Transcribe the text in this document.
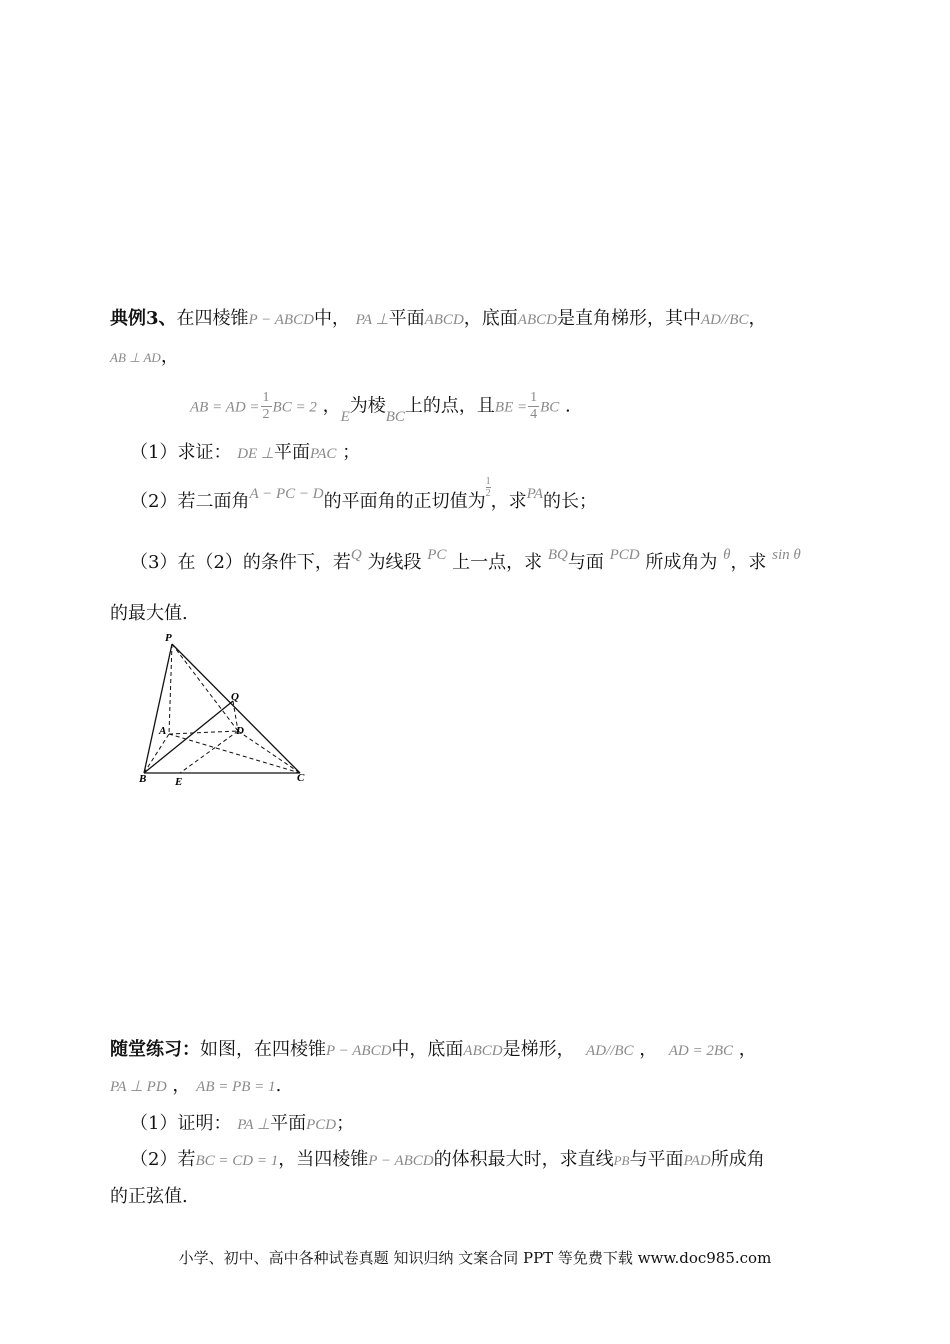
典例3、在四棱锥P − ABCD中， PA ⊥平面ABCD，底面ABCD是直角梯形，其中AD//BC，
AB ⊥ AD，
AB = AD = $\frac{1}{2}$ BC = 2 ，$_E$为棱$_{BC}$上的点，且BE = $\frac{1}{4}$ BC .
（1）求证： DE ⊥平面PAC ；
（2）若二面角$^{A - PC - D}$的平面角的正切值为
$\frac{1}{2}$，求$^{PA}$的长；
（3）在（2）的条件下，若$^Q$ 为线段 $^{PC}$ 上一点，求 $^{BQ}$与面 $^{PCD}$ 所成角为 $^\theta$，求 $^{sin \theta}$
的最大值.
P
Q
A	D
B	E	C
随堂练习：如图，在四棱锥P − ABCD中，底面ABCD是梯形， AD//BC ， AD = 2BC ，
PA ⊥ PD ， AB = PB = 1.
（1）证明： PA ⊥平面PCD；
（2）若BC = CD = 1，当四棱锥P − ABCD的体积最大时，求直线PB与平面PAD所成角
的正弦值.
小学、初中、高中各种试卷真题 知识归纳 文案合同 PPT 等免费下载 www.doc985.com
